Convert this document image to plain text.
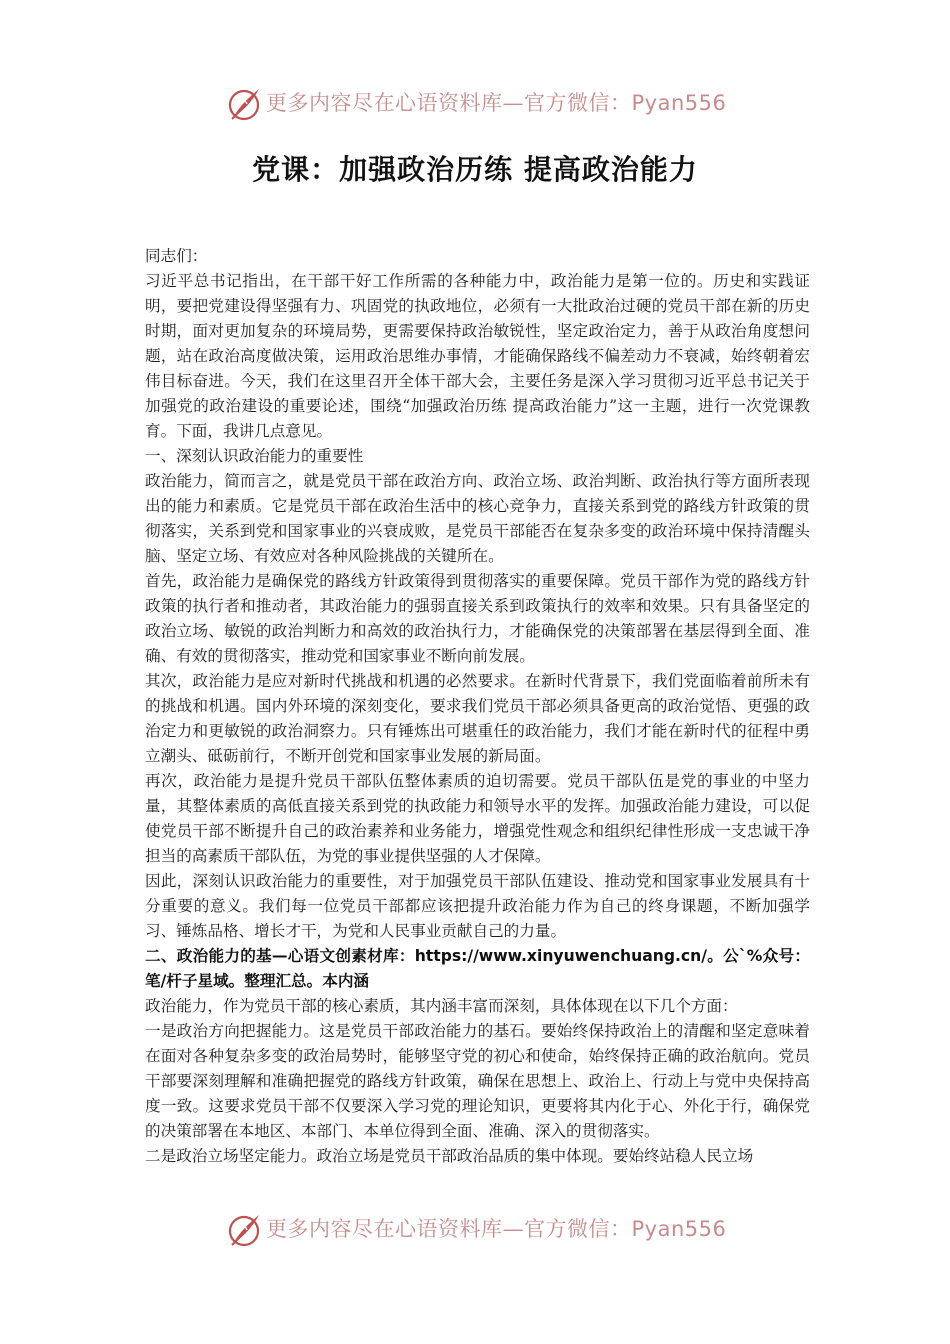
更多内容尽在心语资料库—官方微信：Pyan556
党课：加强政治历练 提高政治能力

同志们：

习近平总书记指出，在干部干好工作所需的各种能力中，政治能力是第一位的。历史和实践证明，要把党建设得坚强有力、巩固党的执政地位，必须有一大批政治过硬的党员干部在新的历史时期，面对更加复杂的环境局势，更需要保持政治敏锐性，坚定政治定力，善于从政治角度想问题，站在政治高度做决策，运用政治思维办事情，才能确保路线不偏差动力不衰减，始终朝着宏伟目标奋进。今天，我们在这里召开全体干部大会，主要任务是深入学习贯彻习近平总书记关于加强党的政治建设的重要论述，围绕“加强政治历练 提高政治能力”这一主题，进行一次党课教育。下面，我讲几点意见。

一、深刻认识政治能力的重要性

政治能力，简而言之，就是党员干部在政治方向、政治立场、政治判断、政治执行等方面所表现出的能力和素质。它是党员干部在政治生活中的核心竞争力，直接关系到党的路线方针政策的贯彻落实，关系到党和国家事业的兴衰成败，是党员干部能否在复杂多变的政治环境中保持清醒头脑、坚定立场、有效应对各种风险挑战的关键所在。

首先，政治能力是确保党的路线方针政策得到贯彻落实的重要保障。党员干部作为党的路线方针政策的执行者和推动者，其政治能力的强弱直接关系到政策执行的效率和效果。只有具备坚定的政治立场、敏锐的政治判断力和高效的政治执行力，才能确保党的决策部署在基层得到全面、准确、有效的贯彻落实，推动党和国家事业不断向前发展。

其次，政治能力是应对新时代挑战和机遇的必然要求。在新时代背景下，我们党面临着前所未有的挑战和机遇。国内外环境的深刻变化，要求我们党员干部必须具备更高的政治觉悟、更强的政治定力和更敏锐的政治洞察力。只有锤炼出可堪重任的政治能力，我们才能在新时代的征程中勇立潮头、砥砺前行，不断开创党和国家事业发展的新局面。

再次，政治能力是提升党员干部队伍整体素质的迫切需要。党员干部队伍是党的事业的中坚力量，其整体素质的高低直接关系到党的执政能力和领导水平的发挥。加强政治能力建设，可以促使党员干部不断提升自己的政治素养和业务能力，增强党性观念和组织纪律性形成一支忠诚干净担当的高素质干部队伍，为党的事业提供坚强的人才保障。

因此，深刻认识政治能力的重要性，对于加强党员干部队伍建设、推动党和国家事业发展具有十分重要的意义。我们每一位党员干部都应该把提升政治能力作为自己的终身课题，不断加强学习、锤炼品格、增长才干，为党和人民事业贡献自己的力量。

二、政治能力的基—心语文创素材库：https://www.xinyuwenchuang.cn/。公`%众号：笔/杆子星域。整理汇总。本内涵

政治能力，作为党员干部的核心素质，其内涵丰富而深刻，具体体现在以下几个方面：

一是政治方向把握能力。这是党员干部政治能力的基石。要始终保持政治上的清醒和坚定意味着在面对各种复杂多变的政治局势时，能够坚守党的初心和使命，始终保持正确的政治航向。党员干部要深刻理解和准确把握党的路线方针政策，确保在思想上、政治上、行动上与党中央保持高度一致。这要求党员干部不仅要深入学习党的理论知识，更要将其内化于心、外化于行，确保党的决策部署在本地区、本部门、本单位得到全面、准确、深入的贯彻落实。

二是政治立场坚定能力。政治立场是党员干部政治品质的集中体现。要始终站稳人民立场

更多内容尽在心语资料库—官方微信：Pyan556
